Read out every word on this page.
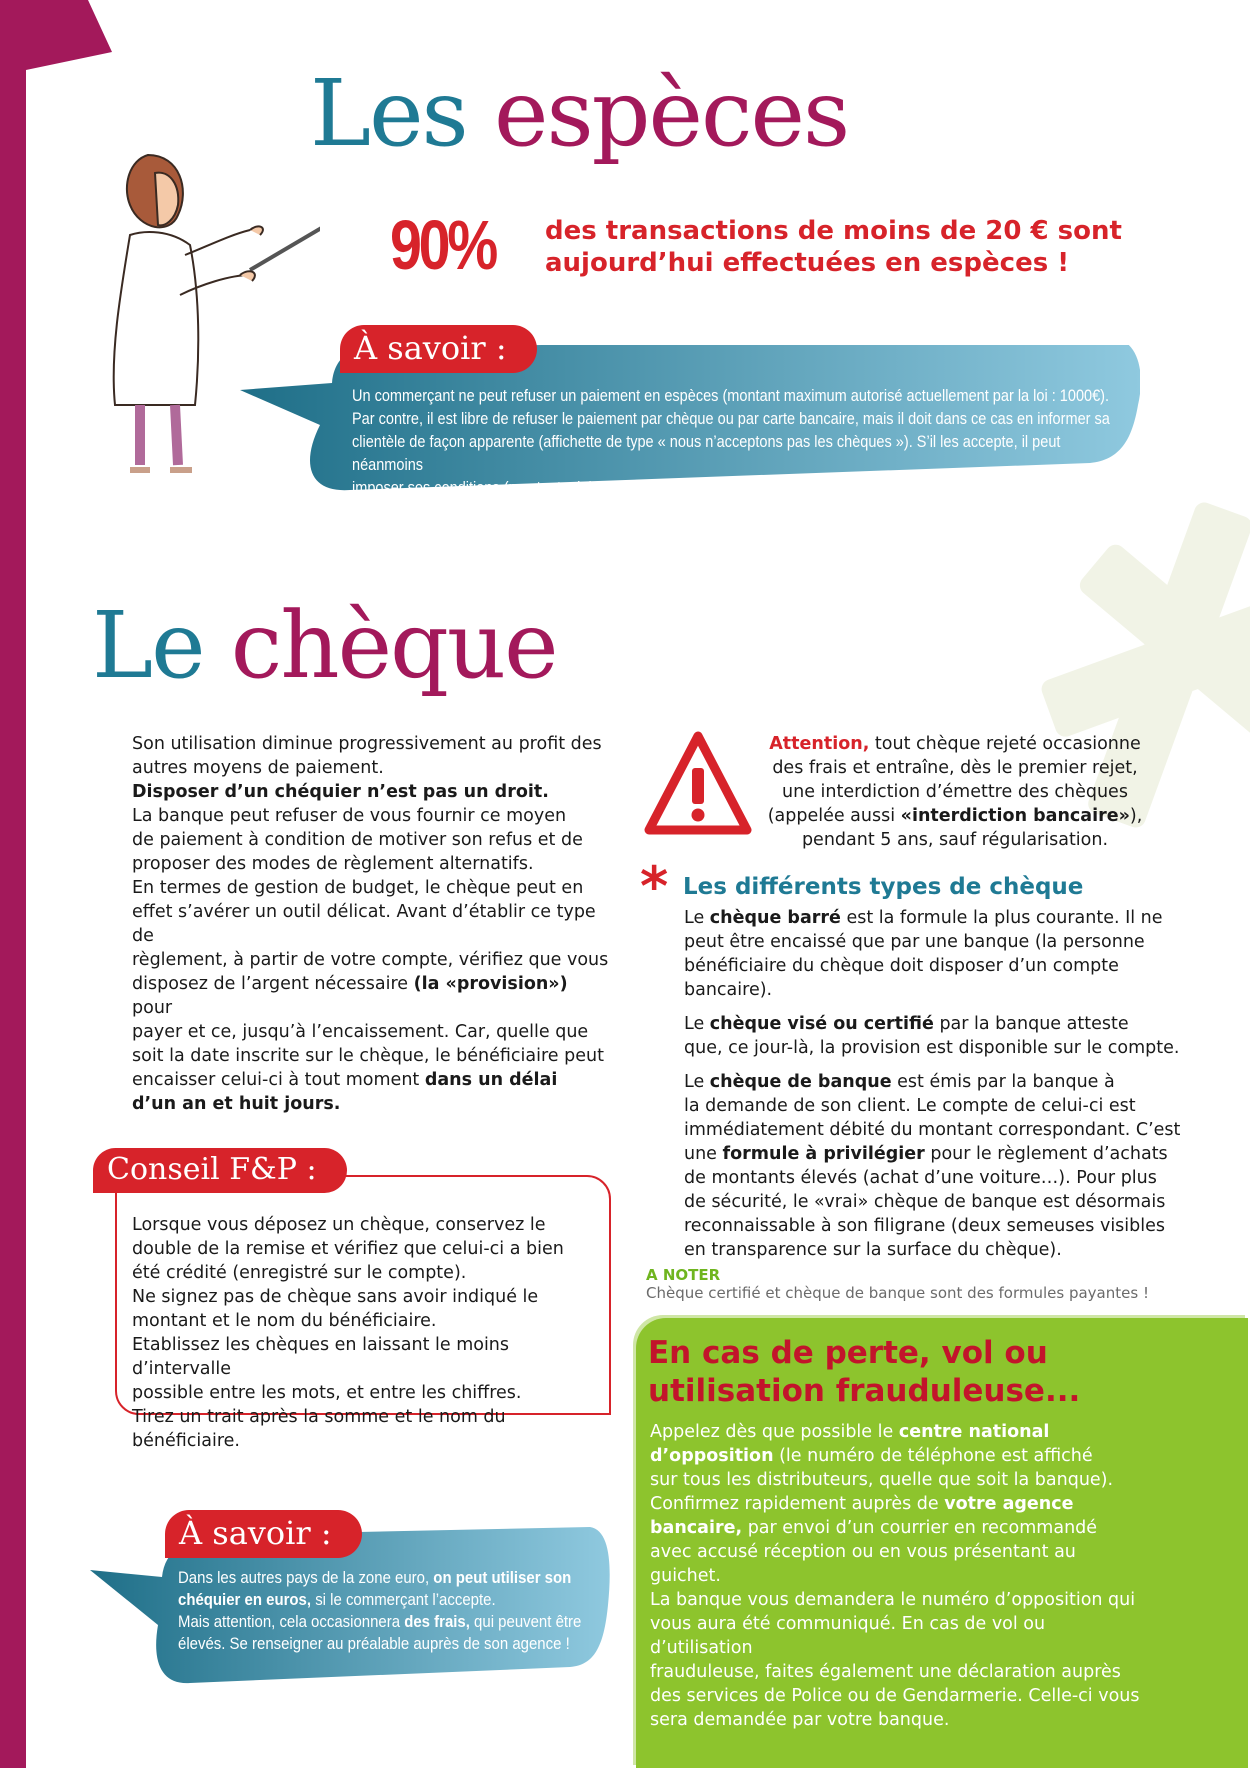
Les espèces
90% des transactions de moins de 20 € sont
aujourd’hui effectuées en espèces !
Un commerçant ne peut refuser un paiement en espèces (montant maximum autorisé actuellement par la loi : 1000€).
Par contre, il est libre de refuser le paiement par chèque ou par carte bancaire, mais il doit dans ce cas en informer sa
clientèle de façon apparente (affichette de type « nous n’acceptons pas les chèques »). S’il les accepte, il peut néanmoins
imposer ses conditions (montant minimum d’achat, présentation d’une pièce d’identité, etc.).
À savoir :
Le chèque
Son utilisation diminue progressivement au profit des
autres moyens de paiement.
Disposer d’un chéquier n’est pas un droit.
La banque peut refuser de vous fournir ce moyen
de paiement à condition de motiver son refus et de
proposer des modes de règlement alternatifs.
En termes de gestion de budget, le chèque peut en
effet s’avérer un outil délicat. Avant d’établir ce type de
règlement, à partir de votre compte, vérifiez que vous
disposez de l’argent nécessaire (la «provision») pour
payer et ce, jusqu’à l’encaissement. Car, quelle que
soit la date inscrite sur le chèque, le bénéficiaire peut
encaisser celui-ci à tout moment dans un délai
d’un an et huit jours.
Attention, tout chèque rejeté occasionne
des frais et entraîne, dès le premier rejet,
une interdiction d’émettre des chèques
(appelée aussi «interdiction bancaire»),
pendant 5 ans, sauf régularisation.
* Les différents types de chèque

Le chèque barré est la formule la plus courante. Il ne
peut être encaissé que par une banque (la personne
bénéficiaire du chèque doit disposer d’un compte
bancaire).

Le chèque visé ou certifié par la banque atteste
que, ce jour-là, la provision est disponible sur le compte.

Le chèque de banque est émis par la banque à
la demande de son client. Le compte de celui-ci est
immédiatement débité du montant correspondant. C’est
une formule à privilégier pour le règlement d’achats
de montants élevés (achat d’une voiture…). Pour plus
de sécurité, le «vrai» chèque de banque est désormais
reconnaissable à son filigrane (deux semeuses visibles
en transparence sur la surface du chèque).

A NOTER
Chèque certifié et chèque de banque sont des formules payantes !
Conseil F&P :
Lorsque vous déposez un chèque, conservez le
double de la remise et vérifiez que celui-ci a bien
été crédité (enregistré sur le compte).
Ne signez pas de chèque sans avoir indiqué le
montant et le nom du bénéficiaire.
Etablissez les chèques en laissant le moins d’intervalle
possible entre les mots, et entre les chiffres.
Tirez un trait après la somme et le nom du bénéficiaire.
Dans les autres pays de la zone euro, on peut utiliser son
chéquier en euros, si le commerçant l’accepte.
Mais attention, cela occasionnera des frais, qui peuvent être
élevés. Se renseigner au préalable auprès de son agence !
À savoir :
En cas de perte, vol ou
utilisation frauduleuse...
Appelez dès que possible le centre national
d’opposition (le numéro de téléphone est affiché
sur tous les distributeurs, quelle que soit la banque).
Confirmez rapidement auprès de votre agence
bancaire, par envoi d’un courrier en recommandé
avec accusé réception ou en vous présentant au guichet.
La banque vous demandera le numéro d’opposition qui
vous aura été communiqué. En cas de vol ou d’utilisation
frauduleuse, faites également une déclaration auprès
des services de Police ou de Gendarmerie. Celle-ci vous
sera demandée par votre banque.
